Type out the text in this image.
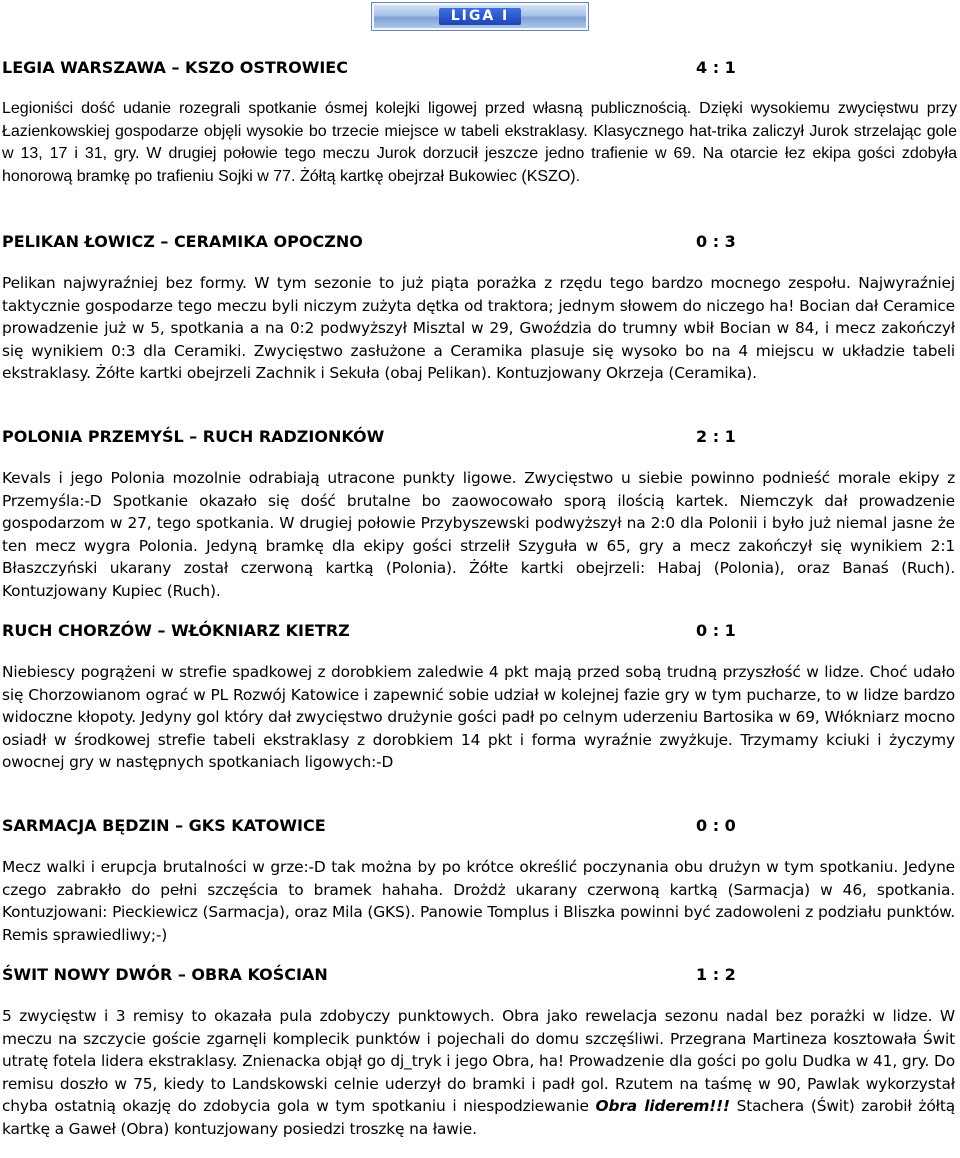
LIGA I
LEGIA WARSZAWA – KSZO OSTROWIEC	4 : 1

Legioniści dość udanie rozegrali spotkanie ósmej kolejki ligowej przed własną publicznością. Dzięki wysokiemu zwycięstwu przy Łazienkowskiej gospodarze objęli wysokie bo trzecie miejsce w tabeli ekstraklasy. Klasycznego hat-trika zaliczył Jurok strzelając gole w 13, 17 i 31, gry. W drugiej połowie tego meczu Jurok dorzucił jeszcze jedno trafienie w 69. Na otarcie łez ekipa gości zdobyła honorową bramkę po trafieniu Sojki w 77. Żółtą kartkę obejrzał Bukowiec (KSZO).

PELIKAN ŁOWICZ – CERAMIKA OPOCZNO	0 : 3

Pelikan najwyraźniej bez formy. W tym sezonie to już piąta porażka z rzędu tego bardzo mocnego zespołu. Najwyraźniej taktycznie gospodarze tego meczu byli niczym zużyta dętka od traktora; jednym słowem do niczego ha! Bocian dał Ceramice prowadzenie już w 5, spotkania a na 0:2 podwyższył Misztal w 29, Gwoździa do trumny wbił Bocian w 84, i mecz zakończył się wynikiem 0:3 dla Ceramiki. Zwycięstwo zasłużone a Ceramika plasuje się wysoko bo na 4 miejscu w układzie tabeli ekstraklasy. Żółte kartki obejrzeli Zachnik i Sekuła (obaj Pelikan). Kontuzjowany Okrzeja (Ceramika).

POLONIA PRZEMYŚL – RUCH RADZIONKÓW	2 : 1

Kevals i jego Polonia mozolnie odrabiają utracone punkty ligowe. Zwycięstwo u siebie powinno podnieść morale ekipy z Przemyśla:-D Spotkanie okazało się dość brutalne bo zaowocowało sporą ilością kartek. Niemczyk dał prowadzenie gospodarzom w 27, tego spotkania. W drugiej połowie Przybyszewski podwyższył na 2:0 dla Polonii i było już niemal jasne że ten mecz wygra Polonia. Jedyną bramkę dla ekipy gości strzelił Szyguła w 65, gry a mecz zakończył się wynikiem 2:1 Błaszczyński ukarany został czerwoną kartką (Polonia). Żółte kartki obejrzeli: Habaj (Polonia), oraz Banaś (Ruch). Kontuzjowany Kupiec (Ruch).

RUCH CHORZÓW – WŁÓKNIARZ KIETRZ	0 : 1

Niebiescy pogrążeni w strefie spadkowej z dorobkiem zaledwie 4 pkt mają przed sobą trudną przyszłość w lidze. Choć udało się Chorzowianom ograć w PL Rozwój Katowice i zapewnić sobie udział w kolejnej fazie gry w tym pucharze, to w lidze bardzo widoczne kłopoty. Jedyny gol który dał zwycięstwo drużynie gości padł po celnym uderzeniu Bartosika w 69, Włókniarz mocno osiadł w środkowej strefie tabeli ekstraklasy z dorobkiem 14 pkt i forma wyraźnie zwyżkuje. Trzymamy kciuki i życzymy owocnej gry w następnych spotkaniach ligowych:-D

SARMACJA BĘDZIN – GKS KATOWICE	0 : 0

Mecz walki i erupcja brutalności w grze:-D tak można by po krótce określić poczynania obu drużyn w tym spotkaniu. Jedyne czego zabrakło do pełni szczęścia to bramek hahaha. Drożdż ukarany czerwoną kartką (Sarmacja) w 46, spotkania. Kontuzjowani: Pieckiewicz (Sarmacja), oraz Mila (GKS). Panowie Tomplus i Bliszka powinni być zadowoleni z podziału punktów. Remis sprawiedliwy;-)

ŚWIT NOWY DWÓR – OBRA KOŚCIAN	1 : 2

5 zwycięstw i 3 remisy to okazała pula zdobyczy punktowych. Obra jako rewelacja sezonu nadal bez porażki w lidze. W meczu na szczycie goście zgarnęli komplecik punktów i pojechali do domu szczęśliwi. Przegrana Martineza kosztowała Świt utratę fotela lidera ekstraklasy. Znienacka objął go dj_tryk i jego Obra, ha! Prowadzenie dla gości po golu Dudka w 41, gry. Do remisu doszło w 75, kiedy to Landskowski celnie uderzył do bramki i padł gol. Rzutem na taśmę w 90, Pawlak wykorzystał chyba ostatnią okazję do zdobycia gola w tym spotkaniu i niespodziewanie Obra liderem!!! Stachera (Świt) zarobił żółtą kartkę a Gaweł (Obra) kontuzjowany posiedzi troszkę na ławie.
